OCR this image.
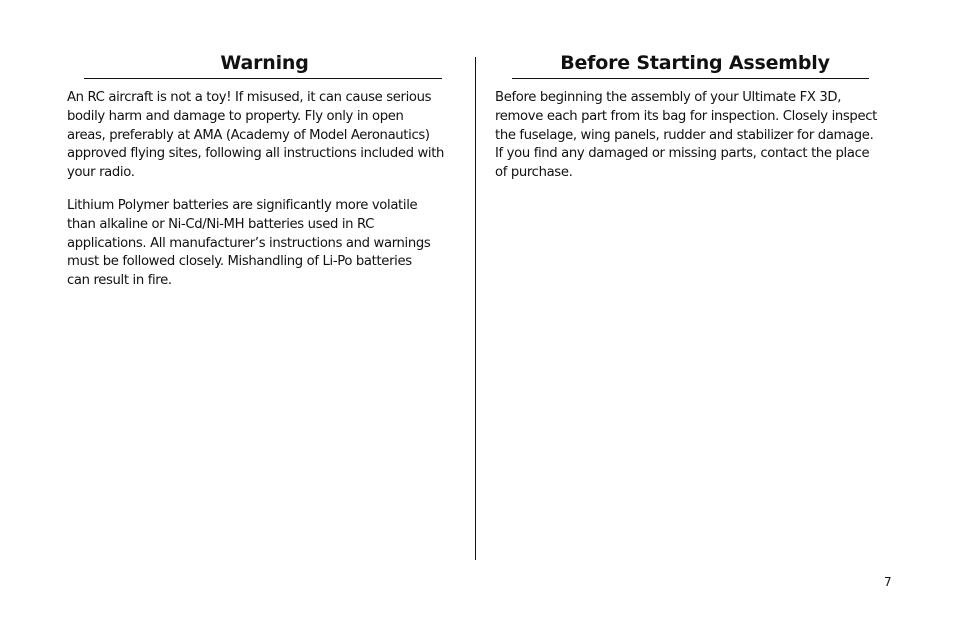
Warning

An RC aircraft is not a toy! If misused, it can cause serious
bodily harm and damage to property. Fly only in open
areas, preferably at AMA (Academy of Model Aeronautics)
approved flying sites, following all instructions included with
your radio.

Lithium Polymer batteries are significantly more volatile
than alkaline or Ni-Cd/Ni-MH batteries used in RC
applications. All manufacturer’s instructions and warnings
must be followed closely. Mishandling of Li-Po batteries
can result in fire.

Before Starting Assembly

Before beginning the assembly of your Ultimate FX 3D,
remove each part from its bag for inspection. Closely inspect
the fuselage, wing panels, rudder and stabilizer for damage.
If you find any damaged or missing parts, contact the place
of purchase.

7
